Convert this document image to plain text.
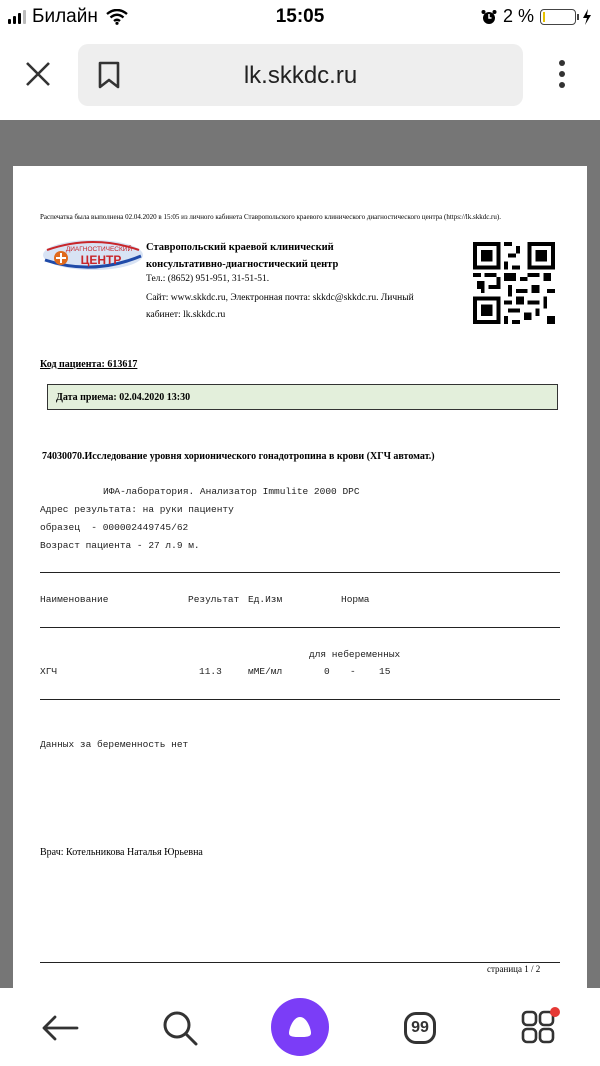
Билайн	15:05	2 %
lk.skkdc.ru
Распечатка была выполнена 02.04.2020 в 15:05 из личного кабинета Ставропольского краевого клинического диагностического центра (https://lk.skkdc.ru).
ДИАГНОСТИЧЕСКИЙ
ЦЕНТР
Ставропольский краевой клинический консультативно-диагностический центр
Тел.: (8652) 951-951, 31-51-51.
Сайт: www.skkdc.ru, Электронная почта: skkdc@skkdc.ru. Личный кабинет: lk.skkdc.ru
Код пациента: 613617
Дата приема: 02.04.2020 13:30
74030070.Исследование уровня хорионического гонадотропина в крови (ХГЧ автомат.)
ИФА-лаборатория. Анализатор Immulite 2000 DPC
Адрес результата: на руки пациенту
образец  - 000002449745/62
Возраст пациента - 27 л.9 м.
Наименование	Результат Ед.Изм	Норма
для небеременных
ХГЧ	11.3	мМЕ/мл	0 - 15
Данных за беременность нет
Врач: Котельникова Наталья Юрьевна
страница 1 / 2
99
